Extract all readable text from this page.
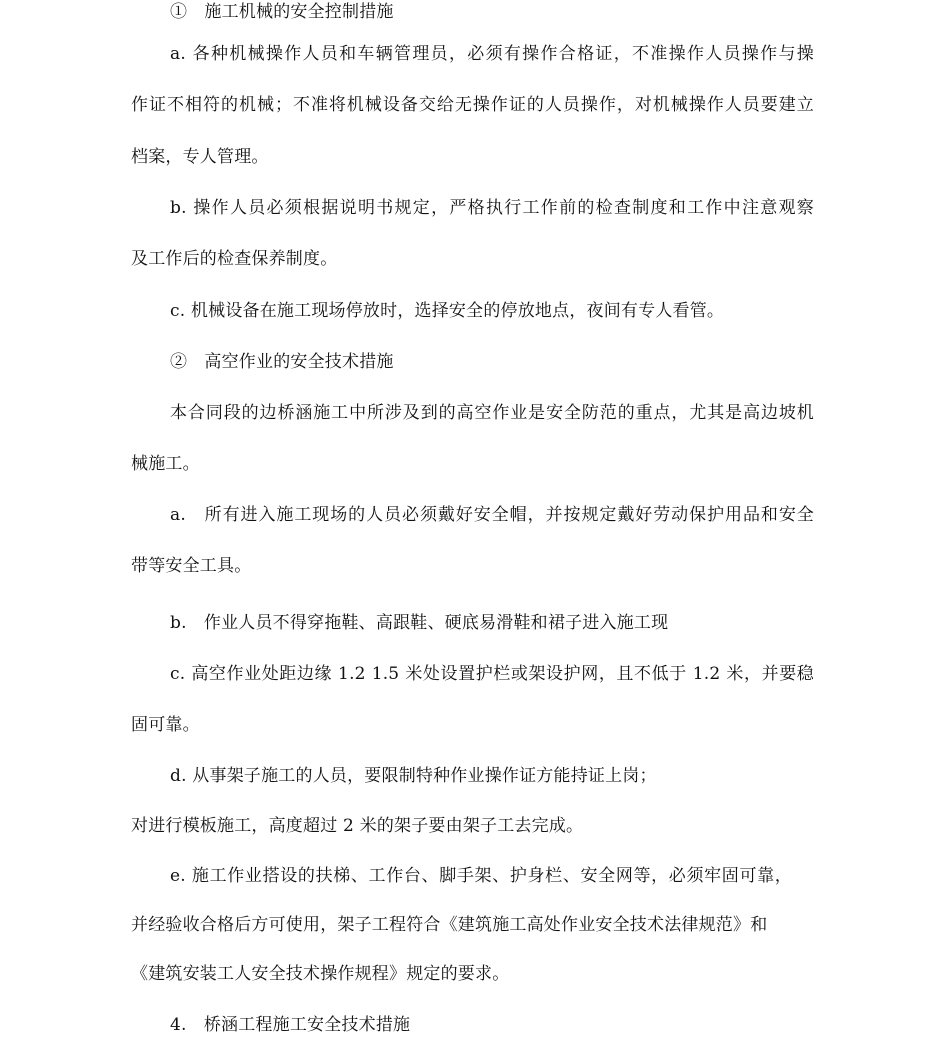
①　施工机械的安全控制措施
a. 各种机械操作人员和车辆管理员，必须有操作合格证，不准操作人员操作与操
作证不相符的机械；不准将机械设备交给无操作证的人员操作，对机械操作人员要建立
档案，专人管理。
b. 操作人员必须根据说明书规定，严格执行工作前的检查制度和工作中注意观察
及工作后的检查保养制度。
c. 机械设备在施工现场停放时，选择安全的停放地点，夜间有专人看管。
②　高空作业的安全技术措施
本合同段的边桥涵施工中所涉及到的高空作业是安全防范的重点，尤其是高边坡机
械施工。
a.　所有进入施工现场的人员必须戴好安全帽，并按规定戴好劳动保护用品和安全
带等安全工具。
b.　作业人员不得穿拖鞋、高跟鞋、硬底易滑鞋和裙子进入施工现
c. 高空作业处距边缘 1.2 1.5 米处设置护栏或架设护网，且不低于 1.2 米，并要稳
固可靠。
d. 从事架子施工的人员，要限制特种作业操作证方能持证上岗；
对进行模板施工，高度超过 2 米的架子要由架子工去完成。
e. 施工作业搭设的扶梯、工作台、脚手架、护身栏、安全网等，必须牢固可靠，
并经验收合格后方可使用，架子工程符合《建筑施工高处作业安全技术法律规范》和
《建筑安装工人安全技术操作规程》规定的要求。
4.　桥涵工程施工安全技术措施
